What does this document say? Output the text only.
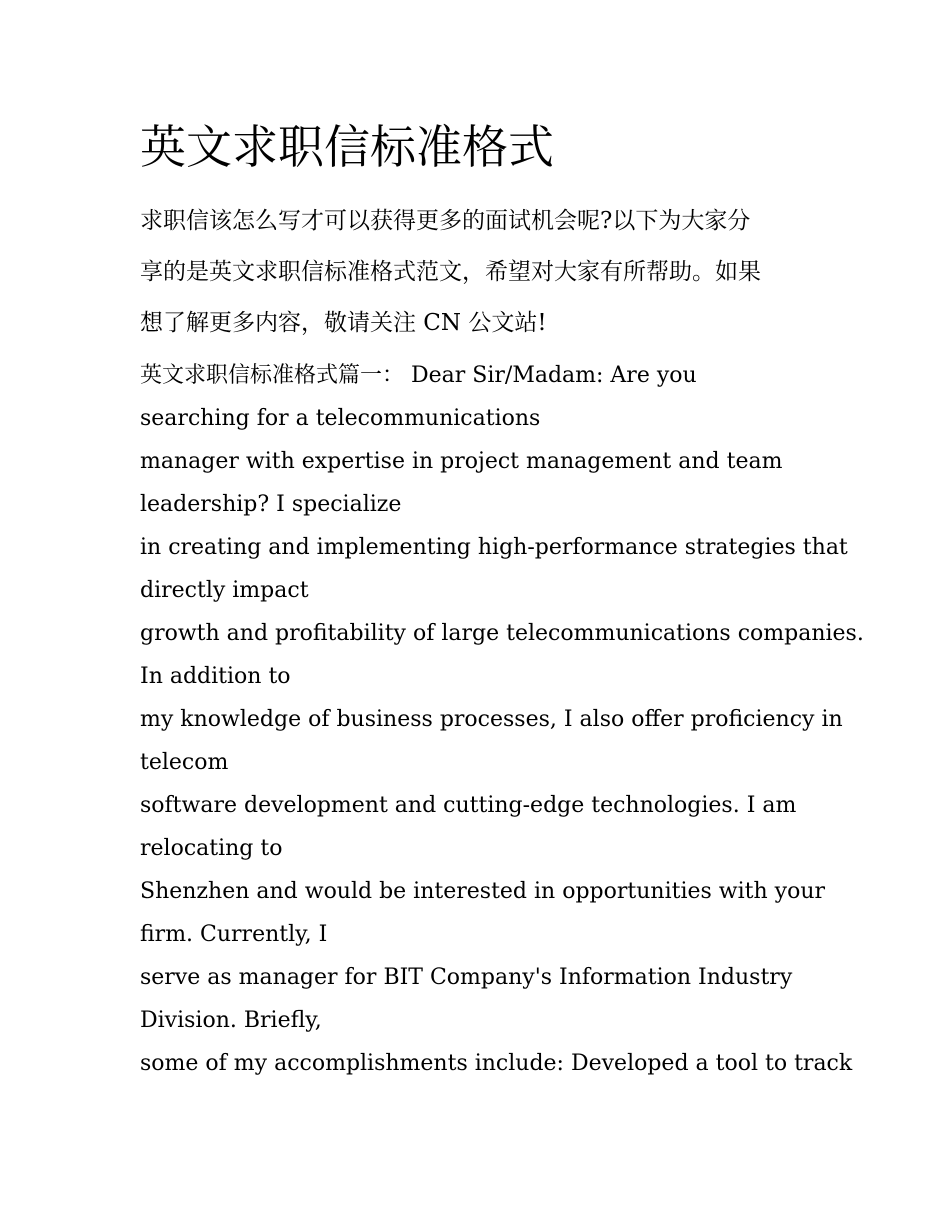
英文求职信标准格式

求职信该怎么写才可以获得更多的面试机会呢?以下为大家分

享的是英文求职信标准格式范文，希望对大家有所帮助。如果

想了解更多内容，敬请关注 CN 公文站!

英文求职信标准格式篇一： Dear Sir/Madam: Are you

searching for a telecommunications

manager with expertise in project management and team

leadership? I specialize

in creating and implementing high-performance strategies that

directly impact

growth and profitability of large telecommunications companies.

In addition to

my knowledge of business processes, I also offer proficiency in

telecom

software development and cutting-edge technologies. I am

relocating to

Shenzhen and would be interested in opportunities with your

firm. Currently, I

serve as manager for BIT Company's Information Industry

Division. Briefly,

some of my accomplishments include: Developed a tool to track
